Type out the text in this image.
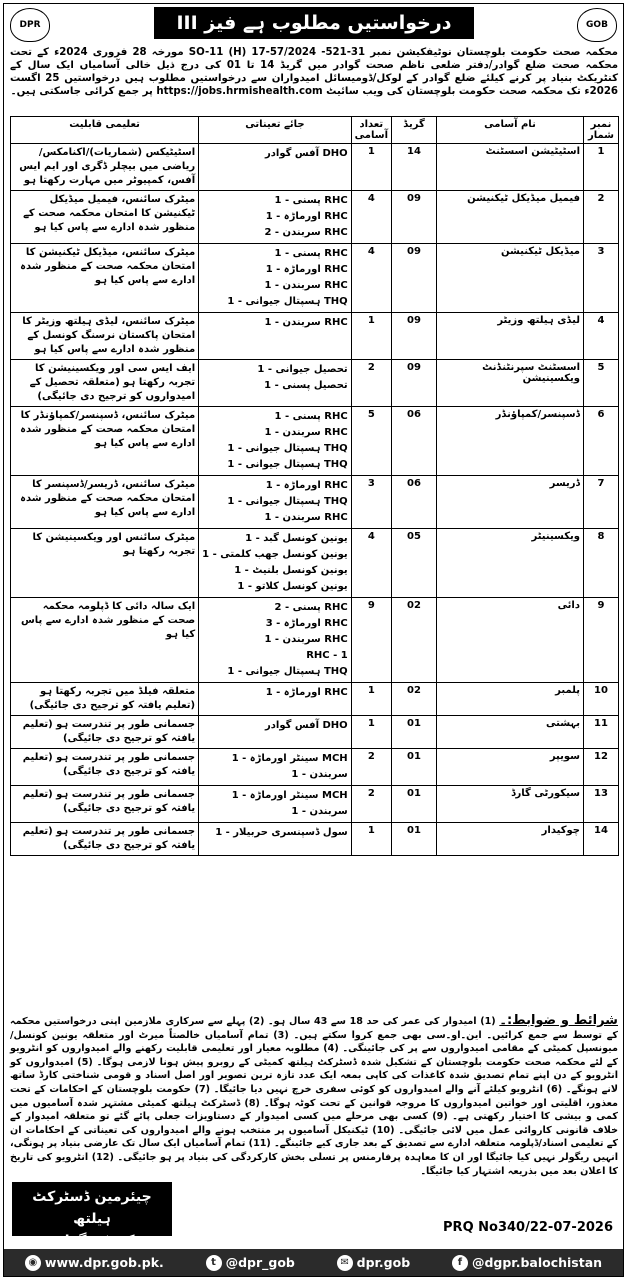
DPR	درخواستیں مطلوب ہے فیز III	GOB
محکمہ صحت حکومت بلوچستان نوٹیفکیشن نمبر SO-11 (H) 17-57/2024 -521-31 مورخہ 28 فروری 2024ء کے تحت محکمہ صحت ضلع گوادر/دفتر ضلعی ناظم صحت گوادر میں گریڈ 14 تا 01 کی درج ذیل خالی آسامیاں ایک سال کے کنٹریکٹ بنیاد پر کرنے کیلئے ضلع گوادر کے لوکل/ڈومیسائل امیدواران سے درخواستیں مطلوب ہیں درخواستیں 25 اگست 2026ء تک محکمہ صحت حکومت بلوچستان کی ویب سائیٹ https://jobs.hrmishealth.com پر جمع کرائی جاسکتی ہیں۔
نمبر شمار	نام آسامی	گریڈ	تعداد آسامی	جائے تعیناتی	تعلیمی قابلیت
1	اسٹیٹیشن اسسٹنٹ	14	1	DHO آفس گوادر	اسٹیٹیکس (شماریات)/اکنامکس/ریاضی میں بیچلر ڈگری اور ایم ایس آفس، کمپیوٹر میں مہارت رکھتا ہو
2	فیمیل میڈیکل ٹیکنیشن	09	4	RHC پسنی - 1
RHC اورماڑہ - 1
RHC سربندن - 2	میٹرک سائنس، فیمیل میڈیکل ٹیکنیشن کا امتحان محکمہ صحت کے منظور شدہ ادارے سے پاس کیا ہو
3	میڈیکل ٹیکنیشن	09	4	RHC پسنی - 1
RHC اورماڑہ - 1
RHC سربندن - 1
THQ ہسپتال جیوانی - 1	میٹرک سائنس، میڈیکل ٹیکنیشن کا امتحان محکمہ صحت کے منظور شدہ ادارے سے پاس کیا ہو
4	لیڈی ہیلتھ وزیٹر	09	1	RHC سربندن - 1	میٹرک سائنس، لیڈی ہیلتھ وزیٹر کا امتحان پاکستان نرسنگ کونسل کے منظور شدہ ادارے سے پاس کیا ہو
5	اسسٹنٹ سپرنٹنڈنٹ ویکسینیشن	09	2	تحصیل جیوانی - 1
تحصیل پسنی - 1	ایف ایس سی اور ویکسینیشن کا تجربہ رکھتا ہو (متعلقہ تحصیل کے امیدواروں کو ترجیح دی جائیگی)
6	ڈسپنسر/کمپاؤنڈر	06	5	RHC پسنی - 1
RHC سربندن - 1
THQ ہسپتال جیوانی - 1
THQ ہسپتال جیوانی - 1	میٹرک سائنس، ڈسپنسر/کمپاؤنڈر کا امتحان محکمہ صحت کے منظور شدہ ادارے سے پاس کیا ہو
7	ڈریسر	06	3	RHC اورماڑہ - 1
THQ ہسپتال جیوانی - 1
RHC سربندن - 1	میٹرک سائنس، ڈریسر/ڈسپنسر کا امتحان محکمہ صحت کے منظور شدہ ادارے سے پاس کیا ہو
8	ویکسینیٹر	05	4	یونین کونسل گبد - 1
یونین کونسل جھب کلمتی - 1
یونین کونسل بلنیٹ - 1
یونین کونسل کلاتو - 1	میٹرک سائنس اور ویکسینیشن کا تجربہ رکھتا ہو
9	دائی	02	9	RHC پسنی - 2
RHC اورماڑہ - 3
RHC سربندن - 1
RHC - 1
THQ ہسپتال جیوانی - 1	ایک سالہ دائی کا ڈپلومہ محکمہ صحت کے منظور شدہ ادارے سے پاس کیا ہو
10	پلمبر	02	1	RHC اورماڑہ - 1	متعلقہ فیلڈ میں تجربہ رکھتا ہو (تعلیم یافتہ کو ترجیح دی جائیگی)
11	بہشتی	01	1	DHO آفس گوادر	جسمانی طور پر تندرست ہو (تعلیم یافتہ کو ترجیح دی جائیگی)
12	سویپر	01	2	MCH سینٹر اورماڑہ - 1
سربندن - 1	جسمانی طور پر تندرست ہو (تعلیم یافتہ کو ترجیح دی جائیگی)
13	سیکورٹی گارڈ	01	2	MCH سینٹر اورماڑہ - 1
سربندن - 1	جسمانی طور پر تندرست ہو (تعلیم یافتہ کو ترجیح دی جائیگی)
14	چوکیدار	01	1	سول ڈسپنسری حربیلار - 1	جسمانی طور پر تندرست ہو (تعلیم یافتہ کو ترجیح دی جائیگی)
شرائط و ضوابط:۔ (1) امیدوار کی عمر کی حد 18 سے 43 سال ہو۔ (2) پہلے سے سرکاری ملازمین اپنی درخواستیں محکمہ کے توسط سے جمع کرائیں۔ این۔او۔سی بھی جمع کروا سکتے ہیں۔ (3) تمام آسامیاں خالصتاً میرٹ اور متعلقہ یونین کونسل/میونسپل کمیٹی کے مقامی امیدواروں سے پر کی جائینگی۔ (4) مطلوبہ معیار اور تعلیمی قابلیت رکھنے والے امیدواروں کو انٹرویو کے لئے محکمہ صحت حکومت بلوچستان کے تشکیل شدہ ڈسٹرکٹ ہیلتھ کمیٹی کے روبرو پیش ہونا لازمی ہوگا۔ (5) امیدواروں کو انٹرویو کے دن اپنے تمام تصدیق شدہ کاغذات کی کاپی بمعہ ایک عدد تازہ ترین تصویر اور اصل اسناد و قومی شناختی کارڈ ساتھ لانے ہونگے۔ (6) انٹرویو کیلئے آنے والے امیدواروں کو کوئی سفری خرچ نہیں دیا جائیگا۔ (7) حکومت بلوچستان کے احکامات کے تحت معذور، اقلیتی اور خواتین امیدواروں کا مروجہ قوانین کے تحت کوٹہ ہوگا۔ (8) ڈسٹرکٹ ہیلتھ کمیٹی مشتہر شدہ آسامیوں میں کمی و بیشی کا اختیار رکھتی ہے۔ (9) کسی بھی مرحلے میں کسی امیدوار کے دستاویزات جعلی پائے گئے تو متعلقہ امیدوار کے خلاف قانونی کاروائی عمل میں لائی جائیگی۔ (10) ٹیکنیکل آسامیوں پر منتخب ہونے والے امیدواروں کی تعیناتی کے احکامات ان کے تعلیمی اسناد/ڈپلومہ متعلقہ ادارے سے تصدیق کے بعد جاری کیے جائینگے۔ (11) تمام آسامیاں ایک سال تک عارضی بنیاد پر ہونگی، انہیں ریگولر نہیں کیا جائیگا اور ان کا معاہدہ پرفارمنس پر تسلی بخش کارکردگی کی بنیاد پر ہو جائیگی۔ (12) انٹرویو کی تاریخ کا اعلان بعد میں بذریعہ اشتہار کیا جائیگا۔
چیئرمین ڈسٹرکٹ ہیلتھ
کمیٹی گوادر
PRQ No340/22-07-2026
◉ www.dpr.gob.pk.	t @dpr_gob	✉ dpr.gob	f @dgpr.balochistan
